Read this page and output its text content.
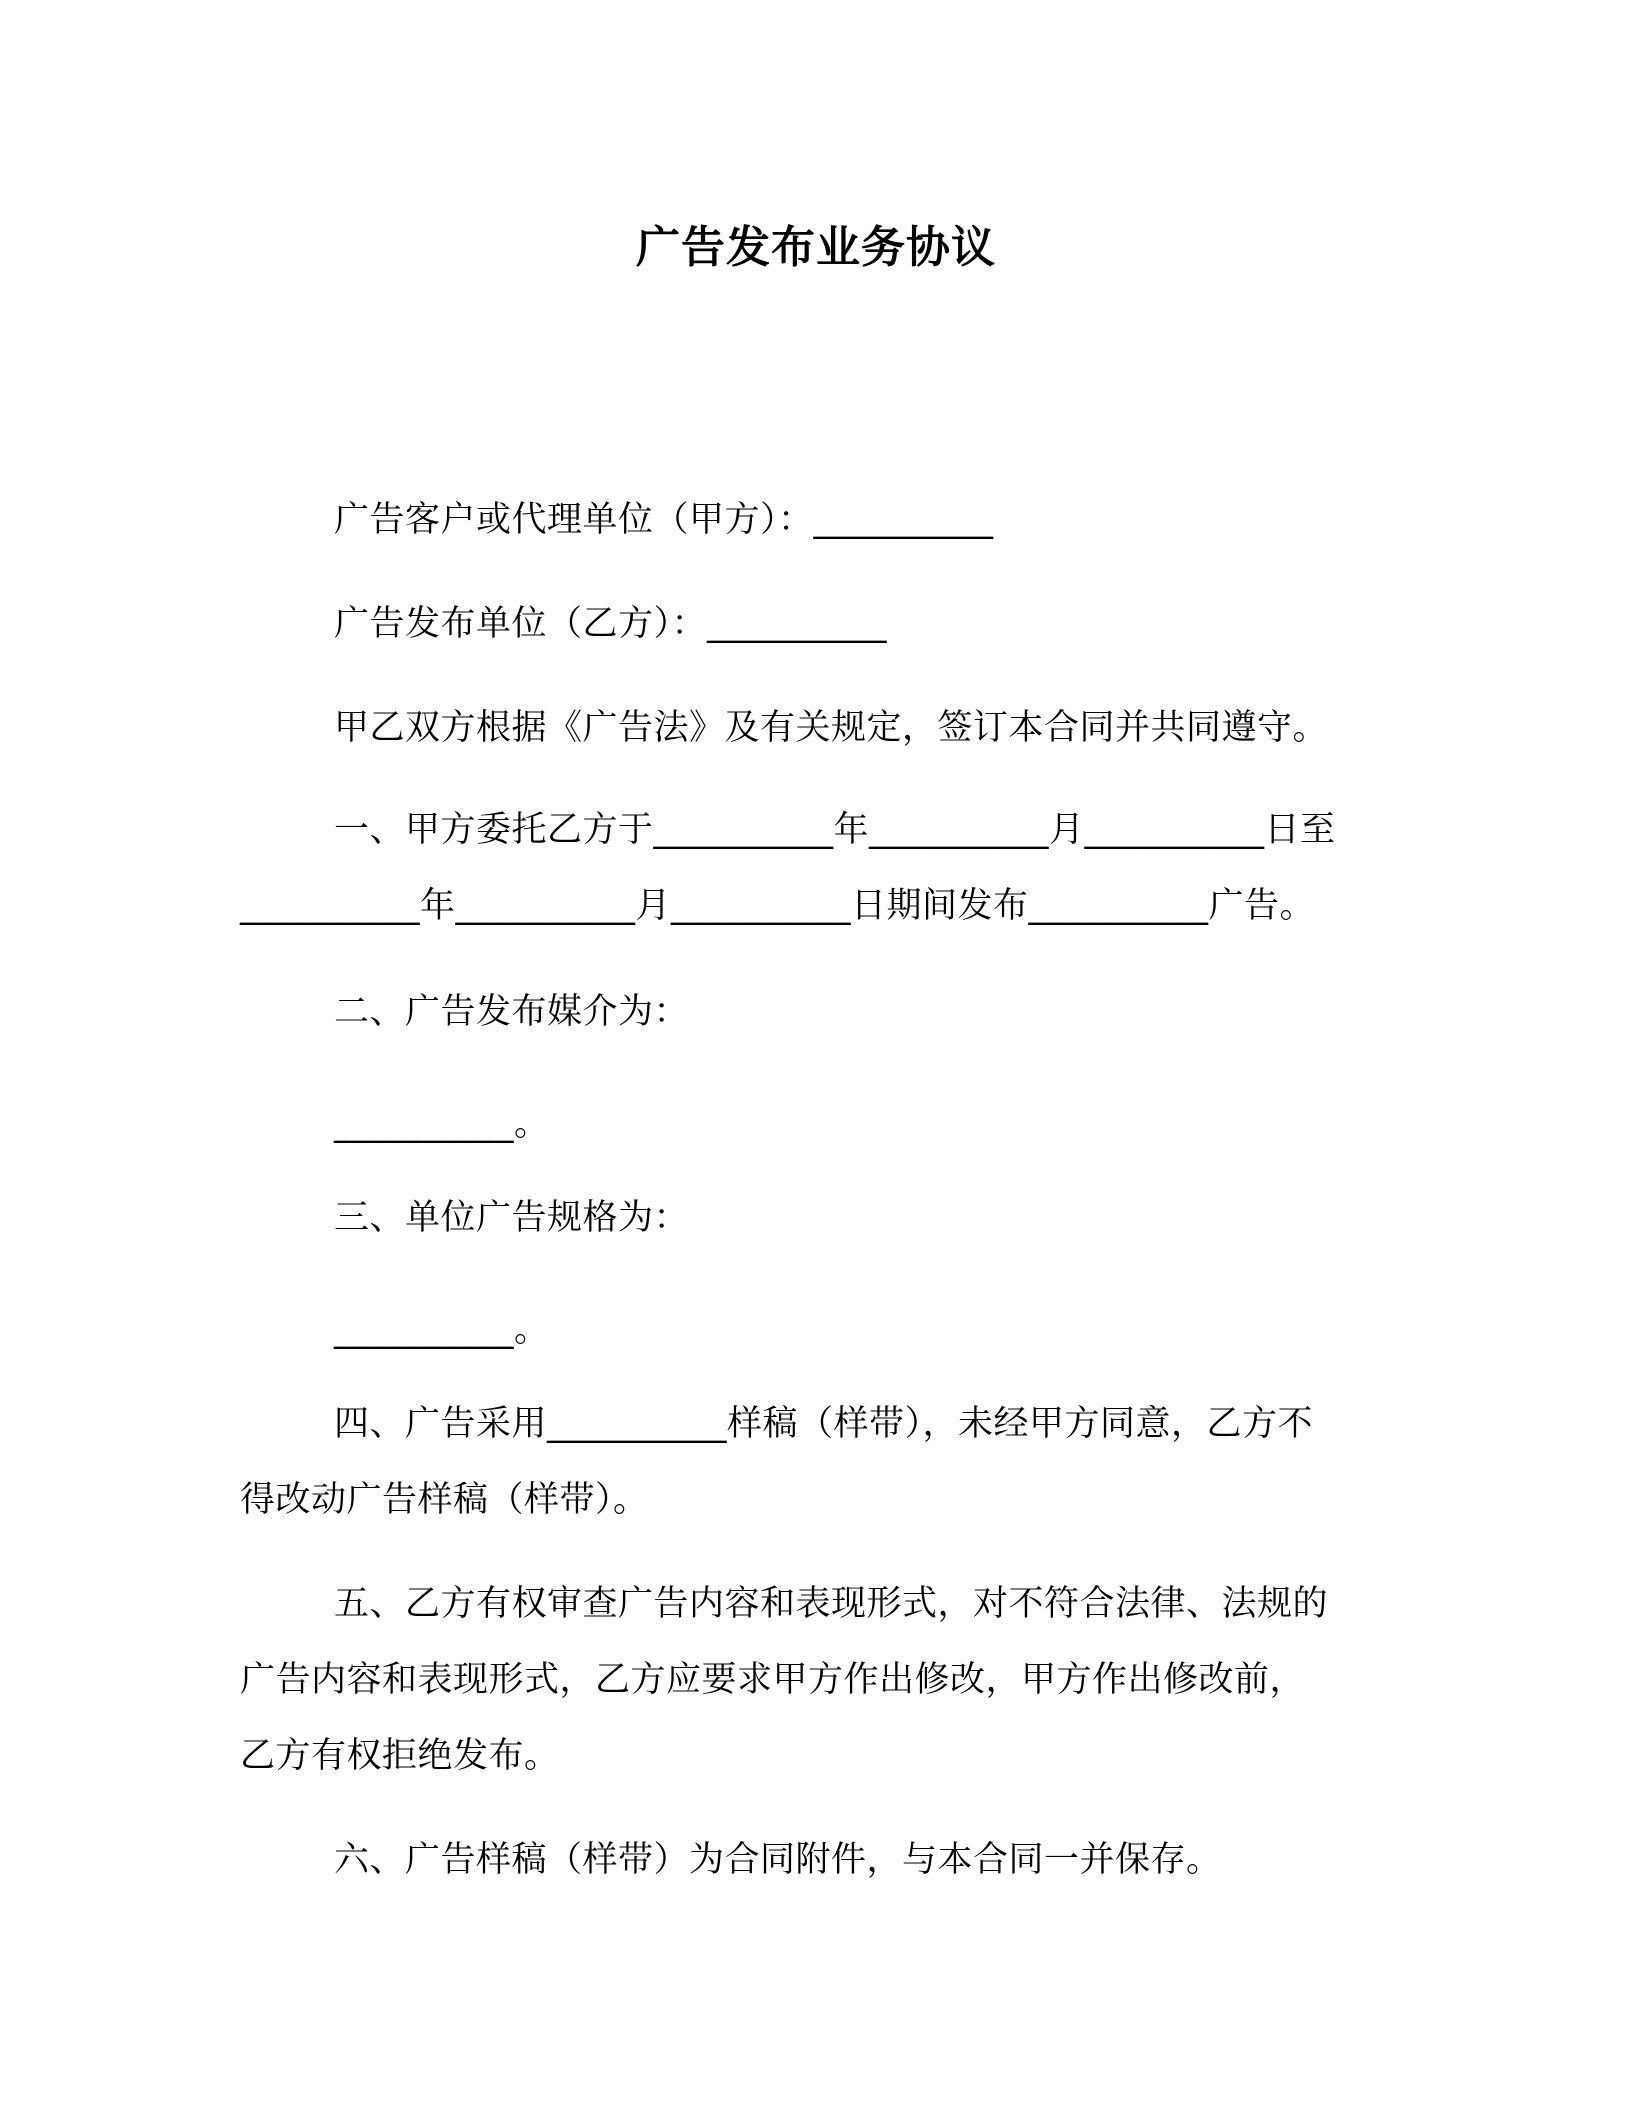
广告发布业务协议
广告客户或代理单位（甲方）：__________
广告发布单位（乙方）：__________
甲乙双方根据《广告法》及有关规定，签订本合同并共同遵守。
一、甲方委托乙方于__________年__________月__________日至
__________年__________月__________日期间发布__________广告。
二、广告发布媒介为：
__________。
三、单位广告规格为：
__________。
四、广告采用__________样稿（样带），未经甲方同意，乙方不
得改动广告样稿（样带）。
五、乙方有权审查广告内容和表现形式，对不符合法律、法规的
广告内容和表现形式，乙方应要求甲方作出修改，甲方作出修改前，
乙方有权拒绝发布。
六、广告样稿（样带）为合同附件，与本合同一并保存。
